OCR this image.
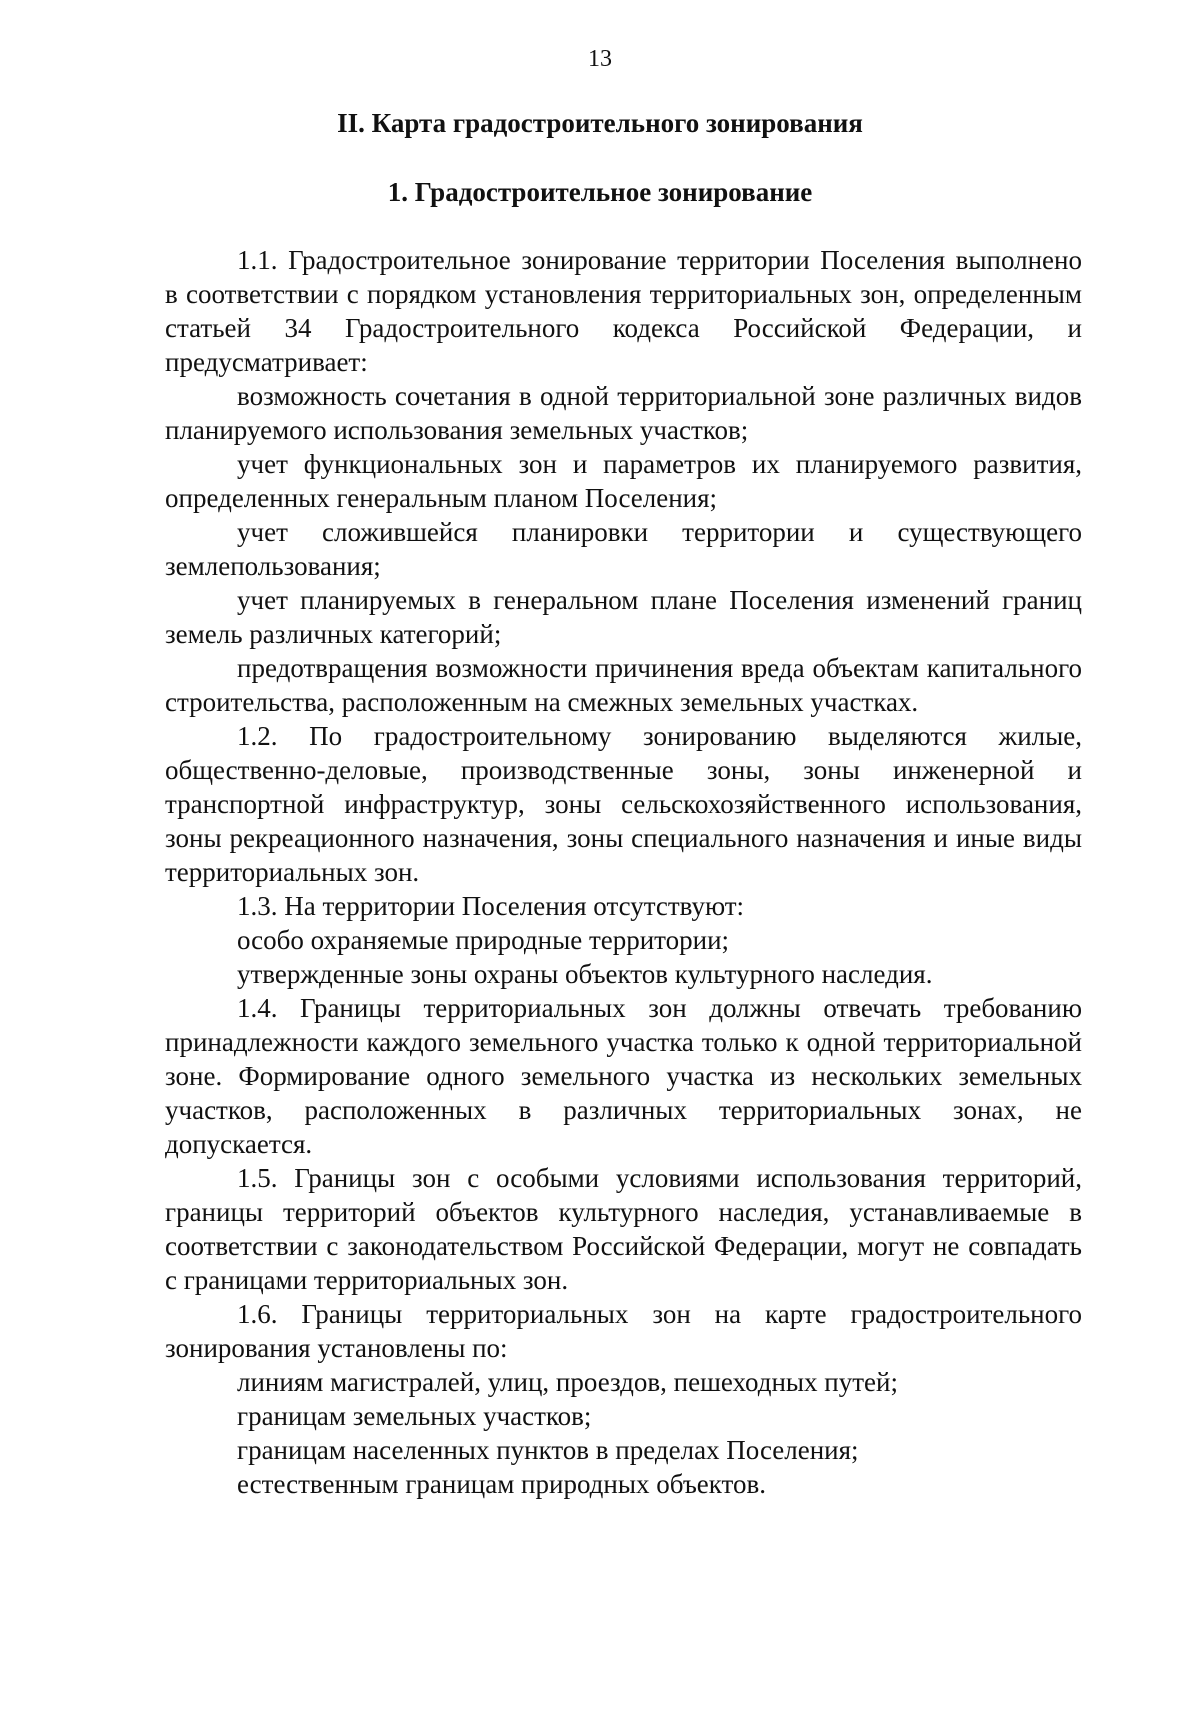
13
II. Карта градостроительного зонирования
1. Градостроительное зонирование

1.1. Градостроительное зонирование территории Поселения выполнено в соответствии с порядком установления территориальных зон, определенным статьей 34 Градостроительного кодекса Российской Федерации, и предусматривает:

возможность сочетания в одной территориальной зоне различных видов планируемого использования земельных участков;

учет функциональных зон и параметров их планируемого развития, определенных генеральным планом Поселения;

учет сложившейся планировки территории и существующего землепользования;

учет планируемых в генеральном плане Поселения изменений границ земель различных категорий;

предотвращения возможности причинения вреда объектам капитального строительства, расположенным на смежных земельных участках.

1.2. По градостроительному зонированию выделяются жилые, общественно-деловые, производственные зоны, зоны инженерной и транспортной инфраструктур, зоны сельскохозяйственного использования, зоны рекреационного назначения, зоны специального назначения и иные виды территориальных зон.

1.3. На территории Поселения отсутствуют:

особо охраняемые природные территории;

утвержденные зоны охраны объектов культурного наследия.

1.4. Границы территориальных зон должны отвечать требованию принадлежности каждого земельного участка только к одной территориальной зоне. Формирование одного земельного участка из нескольких земельных участков, расположенных в различных территориальных зонах, не допускается.

1.5. Границы зон с особыми условиями использования территорий, границы территорий объектов культурного наследия, устанавливаемые в соответствии с законодательством Российской Федерации, могут не совпадать с границами территориальных зон.

1.6. Границы территориальных зон на карте градостроительного зонирования установлены по:

линиям магистралей, улиц, проездов, пешеходных путей;

границам земельных участков;

границам населенных пунктов в пределах Поселения;

естественным границам природных объектов.
